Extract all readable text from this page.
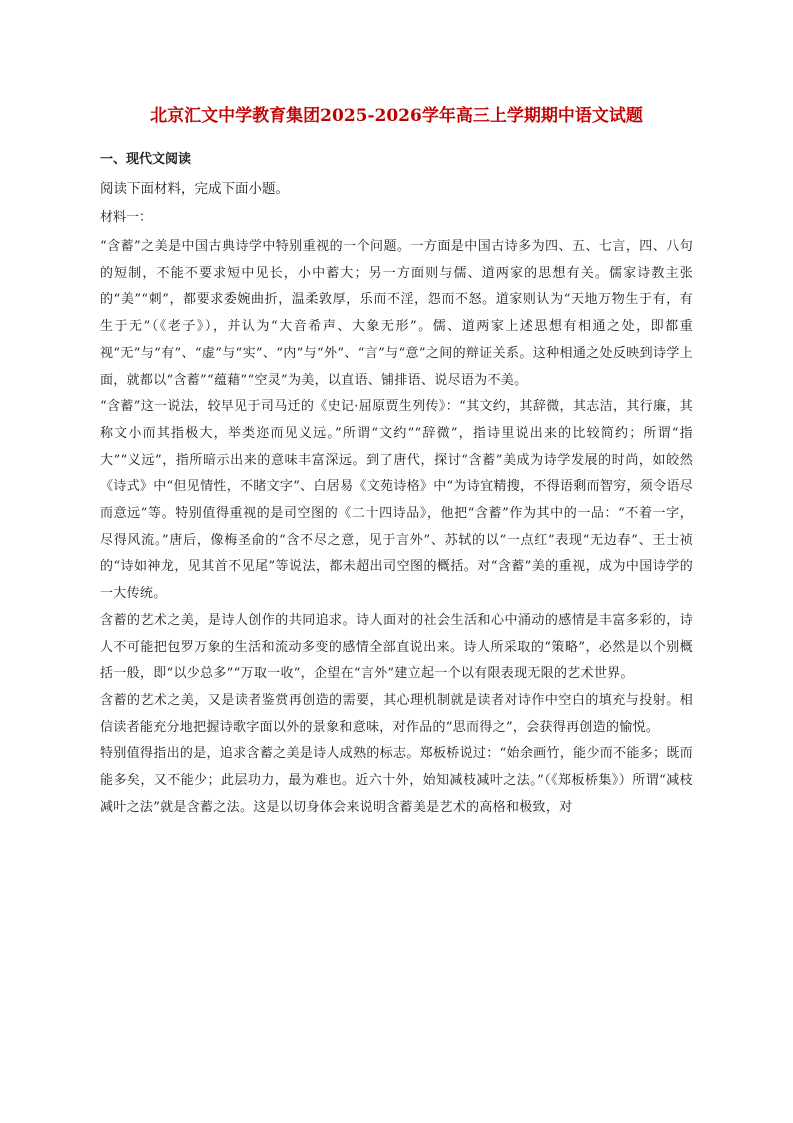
北京汇文中学教育集团2025-2026学年高三上学期期中语文试题
一、现代文阅读
阅读下面材料，完成下面小题。
材料一：

“含蓄”之美是中国古典诗学中特别重视的一个问题。一方面是中国古诗多为四、五、七言，四、八句的短制，不能不要求短中见长，小中蓄大；另一方面则与儒、道两家的思想有关。儒家诗教主张的“美”“刺”，都要求委婉曲折，温柔敦厚，乐而不淫，怨而不怒。道家则认为“天地万物生于有，有生于无”（《老子》），并认为“大音希声、大象无形”。儒、道两家上述思想有相通之处，即都重视“无”与“有”、“虚”与“实”、“内”与“外”、“言”与“意”之间的辩证关系。这种相通之处反映到诗学上面，就都以“含蓄”“蕴藉”“空灵”为美，以直语、铺排语、说尽语为不美。

“含蓄”这一说法，较早见于司马迁的《史记·屈原贾生列传》：“其文约，其辞微，其志洁，其行廉，其称文小而其指极大，举类迩而见义远。”所谓“文约”“辞微”，指诗里说出来的比较简约；所谓“指大”“义远”，指所暗示出来的意味丰富深远。到了唐代，探讨“含蓄”美成为诗学发展的时尚，如皎然《诗式》中“但见情性，不睹文字”、白居易《文苑诗格》中“为诗宜精搜，不得语剩而智穷，须令语尽而意远”等。特别值得重视的是司空图的《二十四诗品》，他把“含蓄”作为其中的一品：“不着一字，尽得风流。”唐后，像梅圣俞的“含不尽之意，见于言外”、苏轼的以“一点红”表现“无边春”、王士祯的“诗如神龙，见其首不见尾”等说法，都未超出司空图的概括。对“含蓄”美的重视，成为中国诗学的一大传统。

含蓄的艺术之美，是诗人创作的共同追求。诗人面对的社会生活和心中涌动的感情是丰富多彩的，诗人不可能把包罗万象的生活和流动多变的感情全部直说出来。诗人所采取的“策略”，必然是以个别概括一般，即“以少总多”“万取一收”，企望在“言外”建立起一个以有限表现无限的艺术世界。

含蓄的艺术之美，又是读者鉴赏再创造的需要，其心理机制就是读者对诗作中空白的填充与投射。相信读者能充分地把握诗歌字面以外的景象和意味，对作品的“思而得之”，会获得再创造的愉悦。

特别值得指出的是，追求含蓄之美是诗人成熟的标志。郑板桥说过：“始余画竹，能少而不能多；既而能多矣，又不能少；此层功力，最为难也。近六十外，始知减枝减叶之法。”（《郑板桥集》）所谓“减枝减叶之法”就是含蓄之法。这是以切身体会来说明含蓄美是艺术的高格和极致，对
